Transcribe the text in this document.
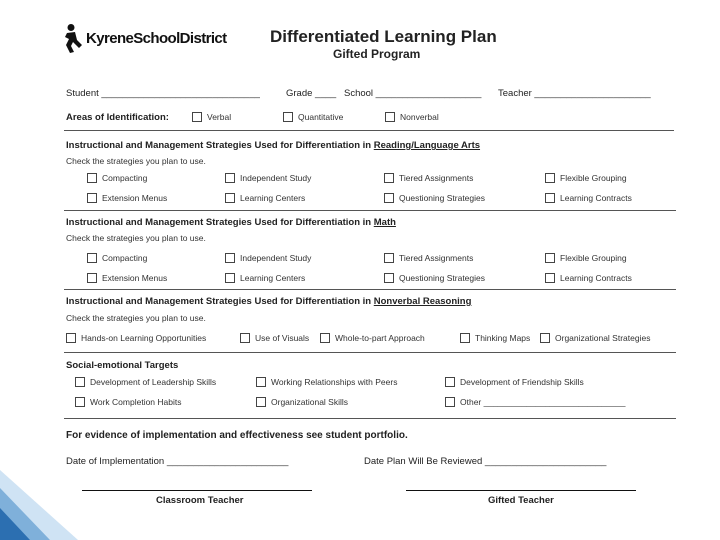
KyreneSchoolDistrict	Differentiated Learning Plan
Gifted Program
Student ______________________________	Grade ____ School ____________________ Teacher ______________________
Areas of Identification:	Verbal	Quantitative	Nonverbal
Instructional and Management Strategies Used for Differentiation in Reading/Language Arts
Check the strategies you plan to use.
Compacting	Independent Study	Tiered Assignments	Flexible Grouping
Extension Menus	Learning Centers	Questioning Strategies	Learning Contracts
Instructional and Management Strategies Used for Differentiation in Math
Check the strategies you plan to use.
Compacting	Independent Study	Tiered Assignments	Flexible Grouping
Extension Menus	Learning Centers	Questioning Strategies	Learning Contracts
Instructional and Management Strategies Used for Differentiation in Nonverbal Reasoning
Check the strategies you plan to use.
Hands-on Learning Opportunities	Use of Visuals	Whole-to-part Approach	Thinking Maps	Organizational Strategies
Social-emotional Targets
Development of Leadership Skills	Working Relationships with Peers	Development of Friendship Skills
Work Completion Habits	Organizational Skills	Other ______________________________
For evidence of implementation and effectiveness see student portfolio.
Date of Implementation _______________________	Date Plan Will Be Reviewed _______________________
Classroom Teacher	Gifted Teacher
